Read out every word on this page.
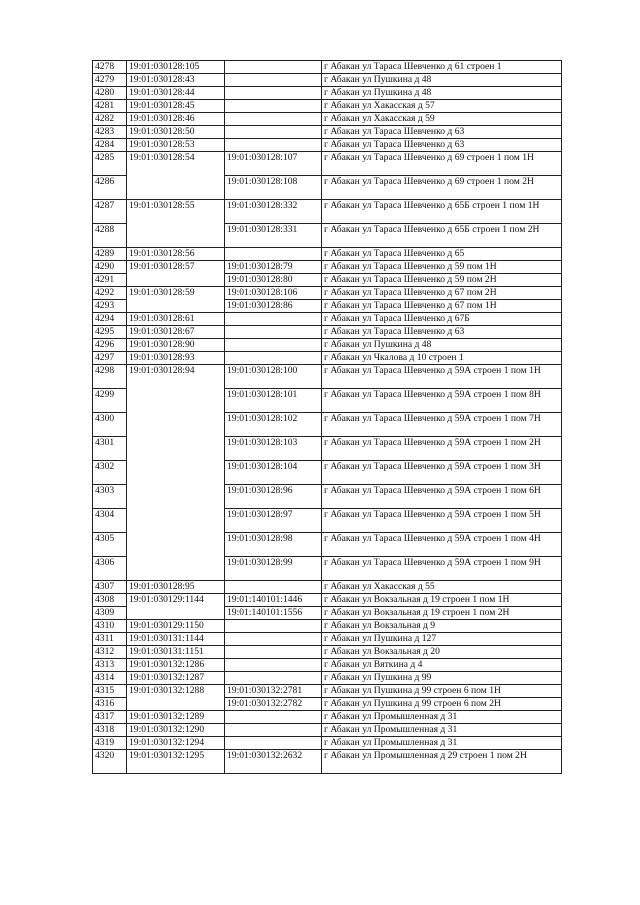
4278	19:01:030128:105		г Абакан ул Тараса Шевченко д 61 строен 1
4279	19:01:030128:43		г Абакан ул Пушкина д 48
4280	19:01:030128:44		г Абакан ул Пушкина д 48
4281	19:01:030128:45		г Абакан ул Хакасская д 57
4282	19:01:030128:46		г Абакан ул Хакасская д 59
4283	19:01:030128:50		г Абакан ул Тараса Шевченко д 63
4284	19:01:030128:53		г Абакан ул Тараса Шевченко д 63
4285	19:01:030128:54	19:01:030128:107	г Абакан ул Тараса Шевченко д 69 строен 1 пом 1Н
4286		19:01:030128:108	г Абакан ул Тараса Шевченко д 69 строен 1 пом 2Н
4287	19:01:030128:55	19:01:030128:332	г Абакан ул Тараса Шевченко д 65Б строен 1 пом 1Н
4288		19:01:030128:331	г Абакан ул Тараса Шевченко д 65Б строен 1 пом 2Н
4289	19:01:030128:56		г Абакан ул Тараса Шевченко д 65
4290	19:01:030128:57	19:01:030128:79	г Абакан ул Тараса Шевченко д 59 пом 1Н
4291		19:01:030128:80	г Абакан ул Тараса Шевченко д 59 пом 2Н
4292	19:01:030128:59	19:01:030128:106	г Абакан ул Тараса Шевченко д 67 пом 2Н
4293		19:01:030128:86	г Абакан ул Тараса Шевченко д 67 пом 1Н
4294	19:01:030128:61		г Абакан ул Тараса Шевченко д 67Б
4295	19:01:030128:67		г Абакан ул Тараса Шевченко д 63
4296	19:01:030128:90		г Абакан ул Пушкина д 48
4297	19:01:030128:93		г Абакан ул Чкалова д 10 строен 1
4298	19:01:030128:94	19:01:030128:100	г Абакан ул Тараса Шевченко д 59А строен 1 пом 1Н
4299		19:01:030128:101	г Абакан ул Тараса Шевченко д 59А строен 1 пом 8Н
4300		19:01:030128:102	г Абакан ул Тараса Шевченко д 59А строен 1 пом 7Н
4301		19:01:030128:103	г Абакан ул Тараса Шевченко д 59А строен 1 пом 2Н
4302		19:01:030128:104	г Абакан ул Тараса Шевченко д 59А строен 1 пом 3Н
4303		19:01:030128:96	г Абакан ул Тараса Шевченко д 59А строен 1 пом 6Н
4304		19:01:030128:97	г Абакан ул Тараса Шевченко д 59А строен 1 пом 5Н
4305		19:01:030128:98	г Абакан ул Тараса Шевченко д 59А строен 1 пом 4Н
4306		19:01:030128:99	г Абакан ул Тараса Шевченко д 59А строен 1 пом 9Н
4307	19:01:030128:95		г Абакан ул Хакасская д 55
4308	19:01:030129:1144	19:01:140101:1446	г Абакан ул Вокзальная д 19 строен 1 пом 1Н
4309		19:01:140101:1556	г Абакан ул Вокзальная д 19 строен 1 пом 2Н
4310	19:01:030129:1150		г Абакан ул Вокзальная д 9
4311	19:01:030131:1144		г Абакан ул Пушкина д 127
4312	19:01:030131:1151		г Абакан ул Вокзальная д 20
4313	19:01:030132:1286		г Абакан ул Вяткина д 4
4314	19:01:030132:1287		г Абакан ул Пушкина д 99
4315	19:01:030132:1288	19:01:030132:2781	г Абакан ул Пушкина д 99 строен 6 пом 1Н
4316		19:01:030132:2782	г Абакан ул Пушкина д 99 строен 6 пом 2Н
4317	19:01:030132:1289		г Абакан ул Промышленная д 31
4318	19:01:030132:1290		г Абакан ул Промышленная д 31
4319	19:01:030132:1294		г Абакан ул Промышленная д 31
4320	19:01:030132:1295	19:01:030132:2632	г Абакан ул Промышленная д 29 строен 1 пом 2Н
